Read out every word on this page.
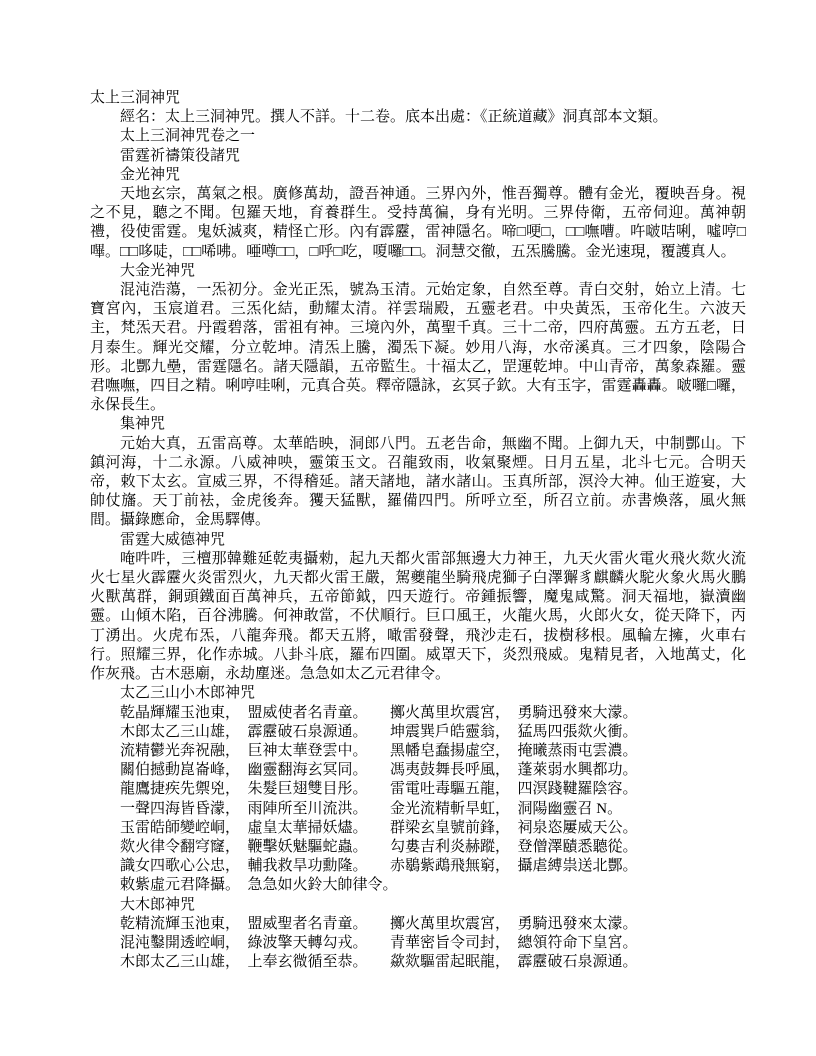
太上三洞神咒

經名：太上三洞神咒。撰人不詳。十二卷。底本出處：《正統道藏》洞真部本文類。

太上三洞神咒卷之一

雷霆祈禱策役諸咒

金光神咒

天地玄宗，萬氣之根。廣修萬劫，證吾神通。三界內外，惟吾獨尊。體有金光，覆映吾身。視之不見，聽之不聞。包羅天地，育養群生。受持萬徧，身有光明。三界侍衛，五帝伺迎。萬神朝禮，役使雷霆。鬼妖滅爽，精怪亡形。內有霹靂，雷神隱名。啼□哽□，□□嘸嘈。吘啵咭唎，噓哼□嗶。□□哆唗，□□唏咈。唖噂□□，□呼□吃，嗄囉□□。洞慧交徹，五炁騰騰。金光速現，覆護真人。

大金光神咒

混沌浩蕩，一炁初分。金光正炁，號為玉清。元始定象，自然至尊。青白交射，始立上清。七寶宮內，玉宸道君。三炁化結，動耀太清。祥雲瑞殿，五靈老君。中央黃炁，玉帝化生。六波天主，梵炁天君。丹霞碧落，雷祖有神。三境內外，萬聖千真。三十二帝，四府萬靈。五方五老，日月泰生。輝光交耀，分立乾坤。清炁上騰，濁炁下凝。妙用八海，水帝溪真。三才四象，陰陽合形。北酆九壘，雷霆隱名。諸天隱韻，五帝監生。十福太乙，罡運乾坤。中山青帝，萬象森羅。靈君嘸嘸，四目之精。唎哼哇唎，元真合英。釋帝隱詠，玄冥子欽。大有玉字，雷霆轟轟。啵囉□囉，永保長生。

集神咒

元始大真，五雷高尊。太華皓映，洞郎八門。五老告命，無幽不聞。上御九天，中制酆山。下鎮河海，十二永源。八威神咉，靈策玉文。召龍致雨，收氣聚煙。日月五星，北斗七元。合明天帝，敕下太玄。宣威三界，不得稽延。諸天諸地，諸水諸山。玉真所部，溟泠大神。仙王遊宴，大帥仗旛。天丁前袪，金虎後奔。玃天猛獸，羅備四門。所呼立至，所召立前。赤書煥落，風火無間。攝錄應命，金馬驛傳。

雷霆大威德神咒

唵吽吽，三檀那韓難延乾夷攝勑，起九天都火雷部無邊大力神王，九天火雷火電火飛火欻火流火七星火霹靂火炎雷烈火，九天都火雷王嚴，駕夔龍坐騎飛虎獅子白澤獬豸麒麟火駝火象火馬火鵬火獸萬群，銅頭鐵面百萬神兵，五帝節鉞，四天遊行。帝鍾振響，魔鬼咸驚。洞天福地，嶽瀆幽靈。山傾木陷，百谷沸騰。何神敢當，不伏順行。巨口風王，火龍火馬，火郎火女，從天降下，丙丁湧出。火虎布炁，八龍奔飛。都天五將，噉雷發聲，飛沙走石，拔樹移根。風輪左擁，火車右行。照耀三界，化作赤城。八卦斗底，羅布四圍。威罩天下，炎烈飛威。鬼精見者，入地萬丈，化作灰飛。古木惡廟，永劫塵迷。急急如太乙元君律令。

太乙三山小木郎神咒

乾晶輝耀玉池東，　盟威使者名青童。　　擲火萬里坎震宮，　勇騎迅發來大濛。

木郎太乙三山雄，　霹靂破石泉源通。　　坤震巽戶皓靈翁，　猛馬四張欻火衝。

流精鬱光奔祝融，　巨神太華登雲中。　　黑幡皂蠢揚虛空，　掩曦蒸雨屯雲濃。

關伯撼動崑崙峰，　幽靈翻海玄冥同。　　馮夷鼓舞長呼風，　蓬萊弱水興都功。

龍鷹捷疾先禦兇，　朱髮巨翅雙目彤。　　雷電吐毒驅五龍，　四溟踐鞬羅陰容。

一聲四海皆昏濛，　雨陣所至川流洪。　　金光流精斬旱虹，　洞陽幽靈召 N。

玉雷皓師變崆峒，　虛皇太華掃妖燼。　　群梁玄皇號前鋒，　祠泉恣屢威天公。

欻火律令翻穹窿，　鞭擊妖魅驅蛇蟲。　　勾婁吉利炎赫蹤，　登僧澤賾悉聽從。

識女四歌心公忠，　輔我救旱功勳隆。　　赤鶡紫鵡飛無窮，　攝虐縛祟送北酆。

敕紫虛元君降攝。　急急如火鈴大帥律令。

大木郎神咒

乾精流輝玉池東，　盟威聖者名青童。　　擲火萬里坎震宮，　勇騎迅發來太濛。

混沌鑿開透崆峒，　綠波擎天轉勾戎。　　青華密旨令司封，　總領符命下皇宮。

木郎太乙三山雄，　上奉玄微循至恭。　　歘欻驅雷起眠龍，　霹靂破石泉源通。
